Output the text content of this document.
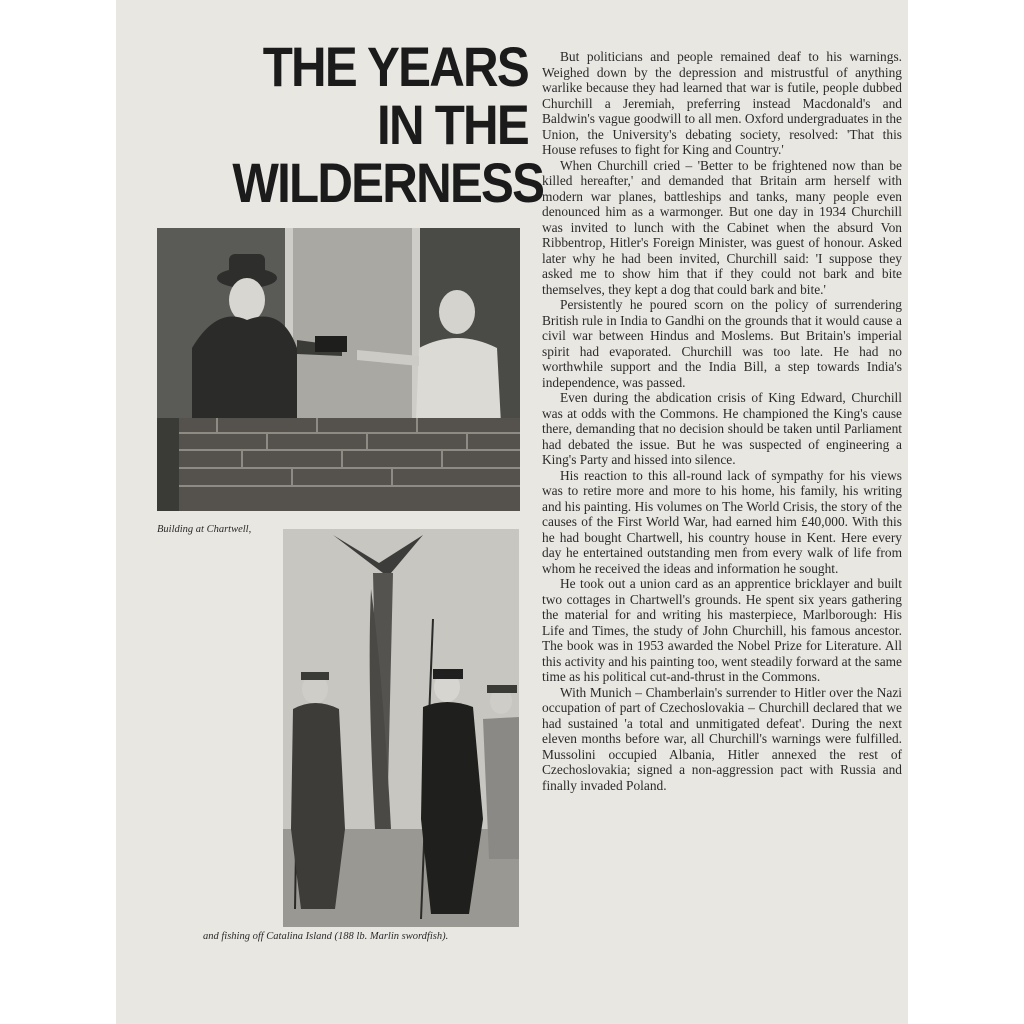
THE YEARS
IN THE
WILDERNESS

Building at Chartwell,

and fishing off Catalina Island (188 lb. Marlin swordfish).

But politicians and people remained deaf to his warnings. Weighed down by the depression and mistrustful of anything warlike because they had learned that war is futile, people dubbed Churchill a Jeremiah, preferring instead Macdonald's and Baldwin's vague goodwill to all men. Oxford undergraduates in the Union, the University's debating society, resolved: 'That this House refuses to fight for King and Country.'

When Churchill cried – 'Better to be frightened now than be killed hereafter,' and demanded that Britain arm herself with modern war planes, battleships and tanks, many people even denounced him as a warmonger. But one day in 1934 Churchill was invited to lunch with the Cabinet when the absurd Von Ribbentrop, Hitler's Foreign Minister, was guest of honour. Asked later why he had been invited, Churchill said: 'I suppose they asked me to show him that if they could not bark and bite themselves, they kept a dog that could bark and bite.'

Persistently he poured scorn on the policy of surrendering British rule in India to Gandhi on the grounds that it would cause a civil war between Hindus and Moslems. But Britain's imperial spirit had evaporated. Churchill was too late. He had no worthwhile support and the India Bill, a step towards India's independence, was passed.

Even during the abdication crisis of King Edward, Churchill was at odds with the Commons. He championed the King's cause there, demanding that no decision should be taken until Parliament had debated the issue. But he was suspected of engineering a King's Party and hissed into silence.

His reaction to this all-round lack of sympathy for his views was to retire more and more to his home, his family, his writing and his painting. His volumes on The World Crisis, the story of the causes of the First World War, had earned him £40,000. With this he had bought Chartwell, his country house in Kent. Here every day he entertained outstanding men from every walk of life from whom he received the ideas and information he sought.

He took out a union card as an apprentice bricklayer and built two cottages in Chartwell's grounds. He spent six years gathering the material for and writing his masterpiece, Marlborough: His Life and Times, the study of John Churchill, his famous ancestor. The book was in 1953 awarded the Nobel Prize for Literature. All this activity and his painting too, went steadily forward at the same time as his political cut-and-thrust in the Commons.

With Munich – Chamberlain's surrender to Hitler over the Nazi occupation of part of Czechoslovakia – Churchill declared that we had sustained 'a total and unmitigated defeat'. During the next eleven months before war, all Churchill's warnings were fulfilled. Mussolini occupied Albania, Hitler annexed the rest of Czechoslovakia; signed a non-aggression pact with Russia and finally invaded Poland.
